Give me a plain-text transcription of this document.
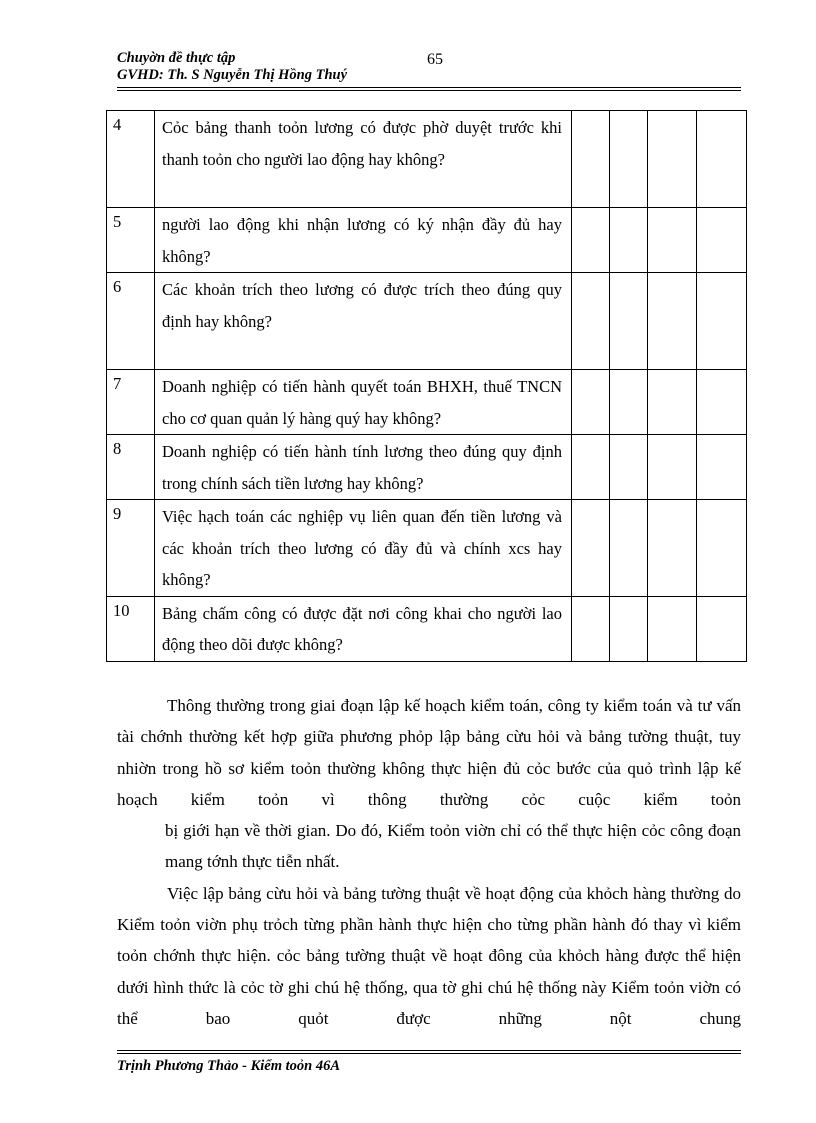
Chuyờn đề thực tập	65
GVHD: Th. S Nguyễn Thị Hồng Thuý
4	Cỏc bảng thanh toỏn lương có được phờ duyệt trước khi thanh toỏn cho người lao động hay không?				
5	người lao động khi nhận lương có ký nhận đầy đủ hay không?				
6	Các khoản trích theo lương có được trích theo đúng quy định hay không?				
7	Doanh nghiệp có tiến hành quyết toán BHXH, thuế TNCN cho cơ quan quản lý hàng quý hay không?				
8	Doanh nghiệp có tiến hành tính lương theo đúng quy định trong chính sách tiền lương hay không?				
9	Việc hạch toán các nghiệp vụ liên quan đến tiền lương và các khoản trích theo lương có đầy đủ và chính xcs hay không?				
10	Bảng chấm công có được đặt nơi công khai cho người lao động theo dõi được không?				

Thông thường trong giai đoạn lập kế hoạch kiểm toán, công ty kiểm toán và tư vấn tài chớnh thường kết hợp giữa phương phỏp lập bảng cừu hỏi và bảng tường thuật, tuy nhiờn trong hồ sơ kiểm toỏn thường không thực hiện đủ cỏc bước của quỏ trình lập kế hoạch kiểm toỏn vì thông thường cỏc cuộc kiểm toỏn

bị giới hạn về thời gian. Do đó, Kiểm toỏn viờn chỉ có thể thực hiện cỏc công đoạn mang tớnh thực tiễn nhất.

Việc lập bảng cừu hỏi và bảng tường thuật về hoạt động của khỏch hàng thường do Kiểm toỏn viờn phụ trỏch từng phần hành thực hiện cho từng phần hành đó thay vì kiểm toỏn chớnh thực hiện. cỏc bảng tường thuật về hoạt đông của khỏch hàng được thể hiện dưới hình thức là cỏc tờ ghi chú hệ thống, qua tờ ghi chú hệ thống này Kiểm toỏn viờn có thể bao quỏt được những nột chung

Trịnh Phương Thảo - Kiểm toỏn 46A
